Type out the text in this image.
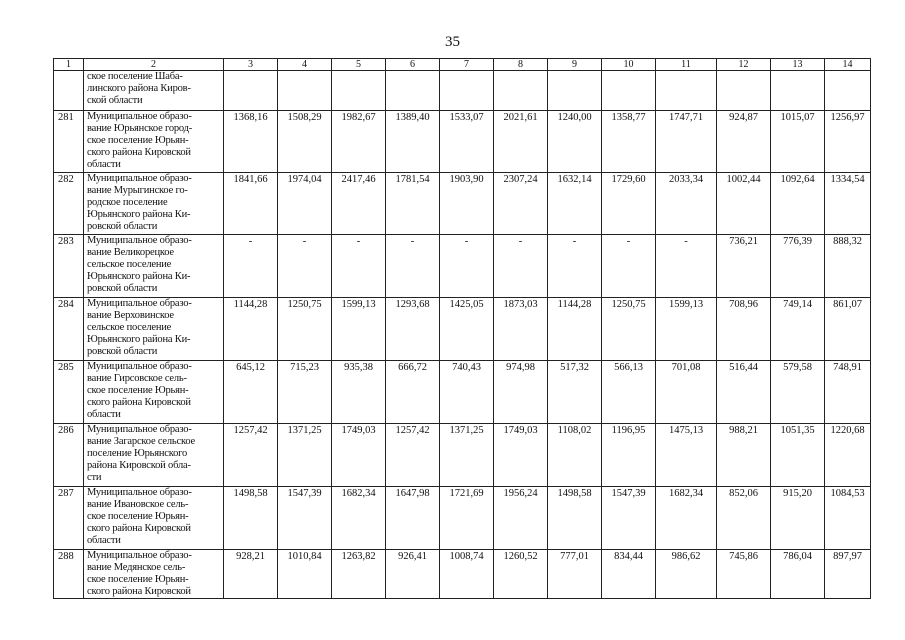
35
1	2	3	4	5	6	7	8	9	10	11	12	13	14
	ское поселение Шаба-
линского района Киров-
ской области												
281	Муниципальное образо-
вание Юрьянское город-
ское поселение Юрьян-
ского района Кировской
области	1368,16	1508,29	1982,67	1389,40	1533,07	2021,61	1240,00	1358,77	1747,71	924,87	1015,07	1256,97
282	Муниципальное образо-
вание Мурыгинское го-
родское поселение
Юрьянского района Ки-
ровской области	1841,66	1974,04	2417,46	1781,54	1903,90	2307,24	1632,14	1729,60	2033,34	1002,44	1092,64	1334,54
283	Муниципальное образо-
вание Великорецкое
сельское поселение
Юрьянского района Ки-
ровской области	-	-	-	-	-	-	-	-	-	736,21	776,39	888,32
284	Муниципальное образо-
вание Верховинское
сельское поселение
Юрьянского района Ки-
ровской области	1144,28	1250,75	1599,13	1293,68	1425,05	1873,03	1144,28	1250,75	1599,13	708,96	749,14	861,07
285	Муниципальное образо-
вание Гирсовское сель-
ское поселение Юрьян-
ского района Кировской
области	645,12	715,23	935,38	666,72	740,43	974,98	517,32	566,13	701,08	516,44	579,58	748,91
286	Муниципальное образо-
вание Загарское сельское
поселение Юрьянского
района Кировской обла-
сти	1257,42	1371,25	1749,03	1257,42	1371,25	1749,03	1108,02	1196,95	1475,13	988,21	1051,35	1220,68
287	Муниципальное образо-
вание Ивановское сель-
ское поселение Юрьян-
ского района Кировской
области	1498,58	1547,39	1682,34	1647,98	1721,69	1956,24	1498,58	1547,39	1682,34	852,06	915,20	1084,53
288	Муниципальное образо-
вание Медянское сель-
ское поселение Юрьян-
ского района Кировской	928,21	1010,84	1263,82	926,41	1008,74	1260,52	777,01	834,44	986,62	745,86	786,04	897,97
